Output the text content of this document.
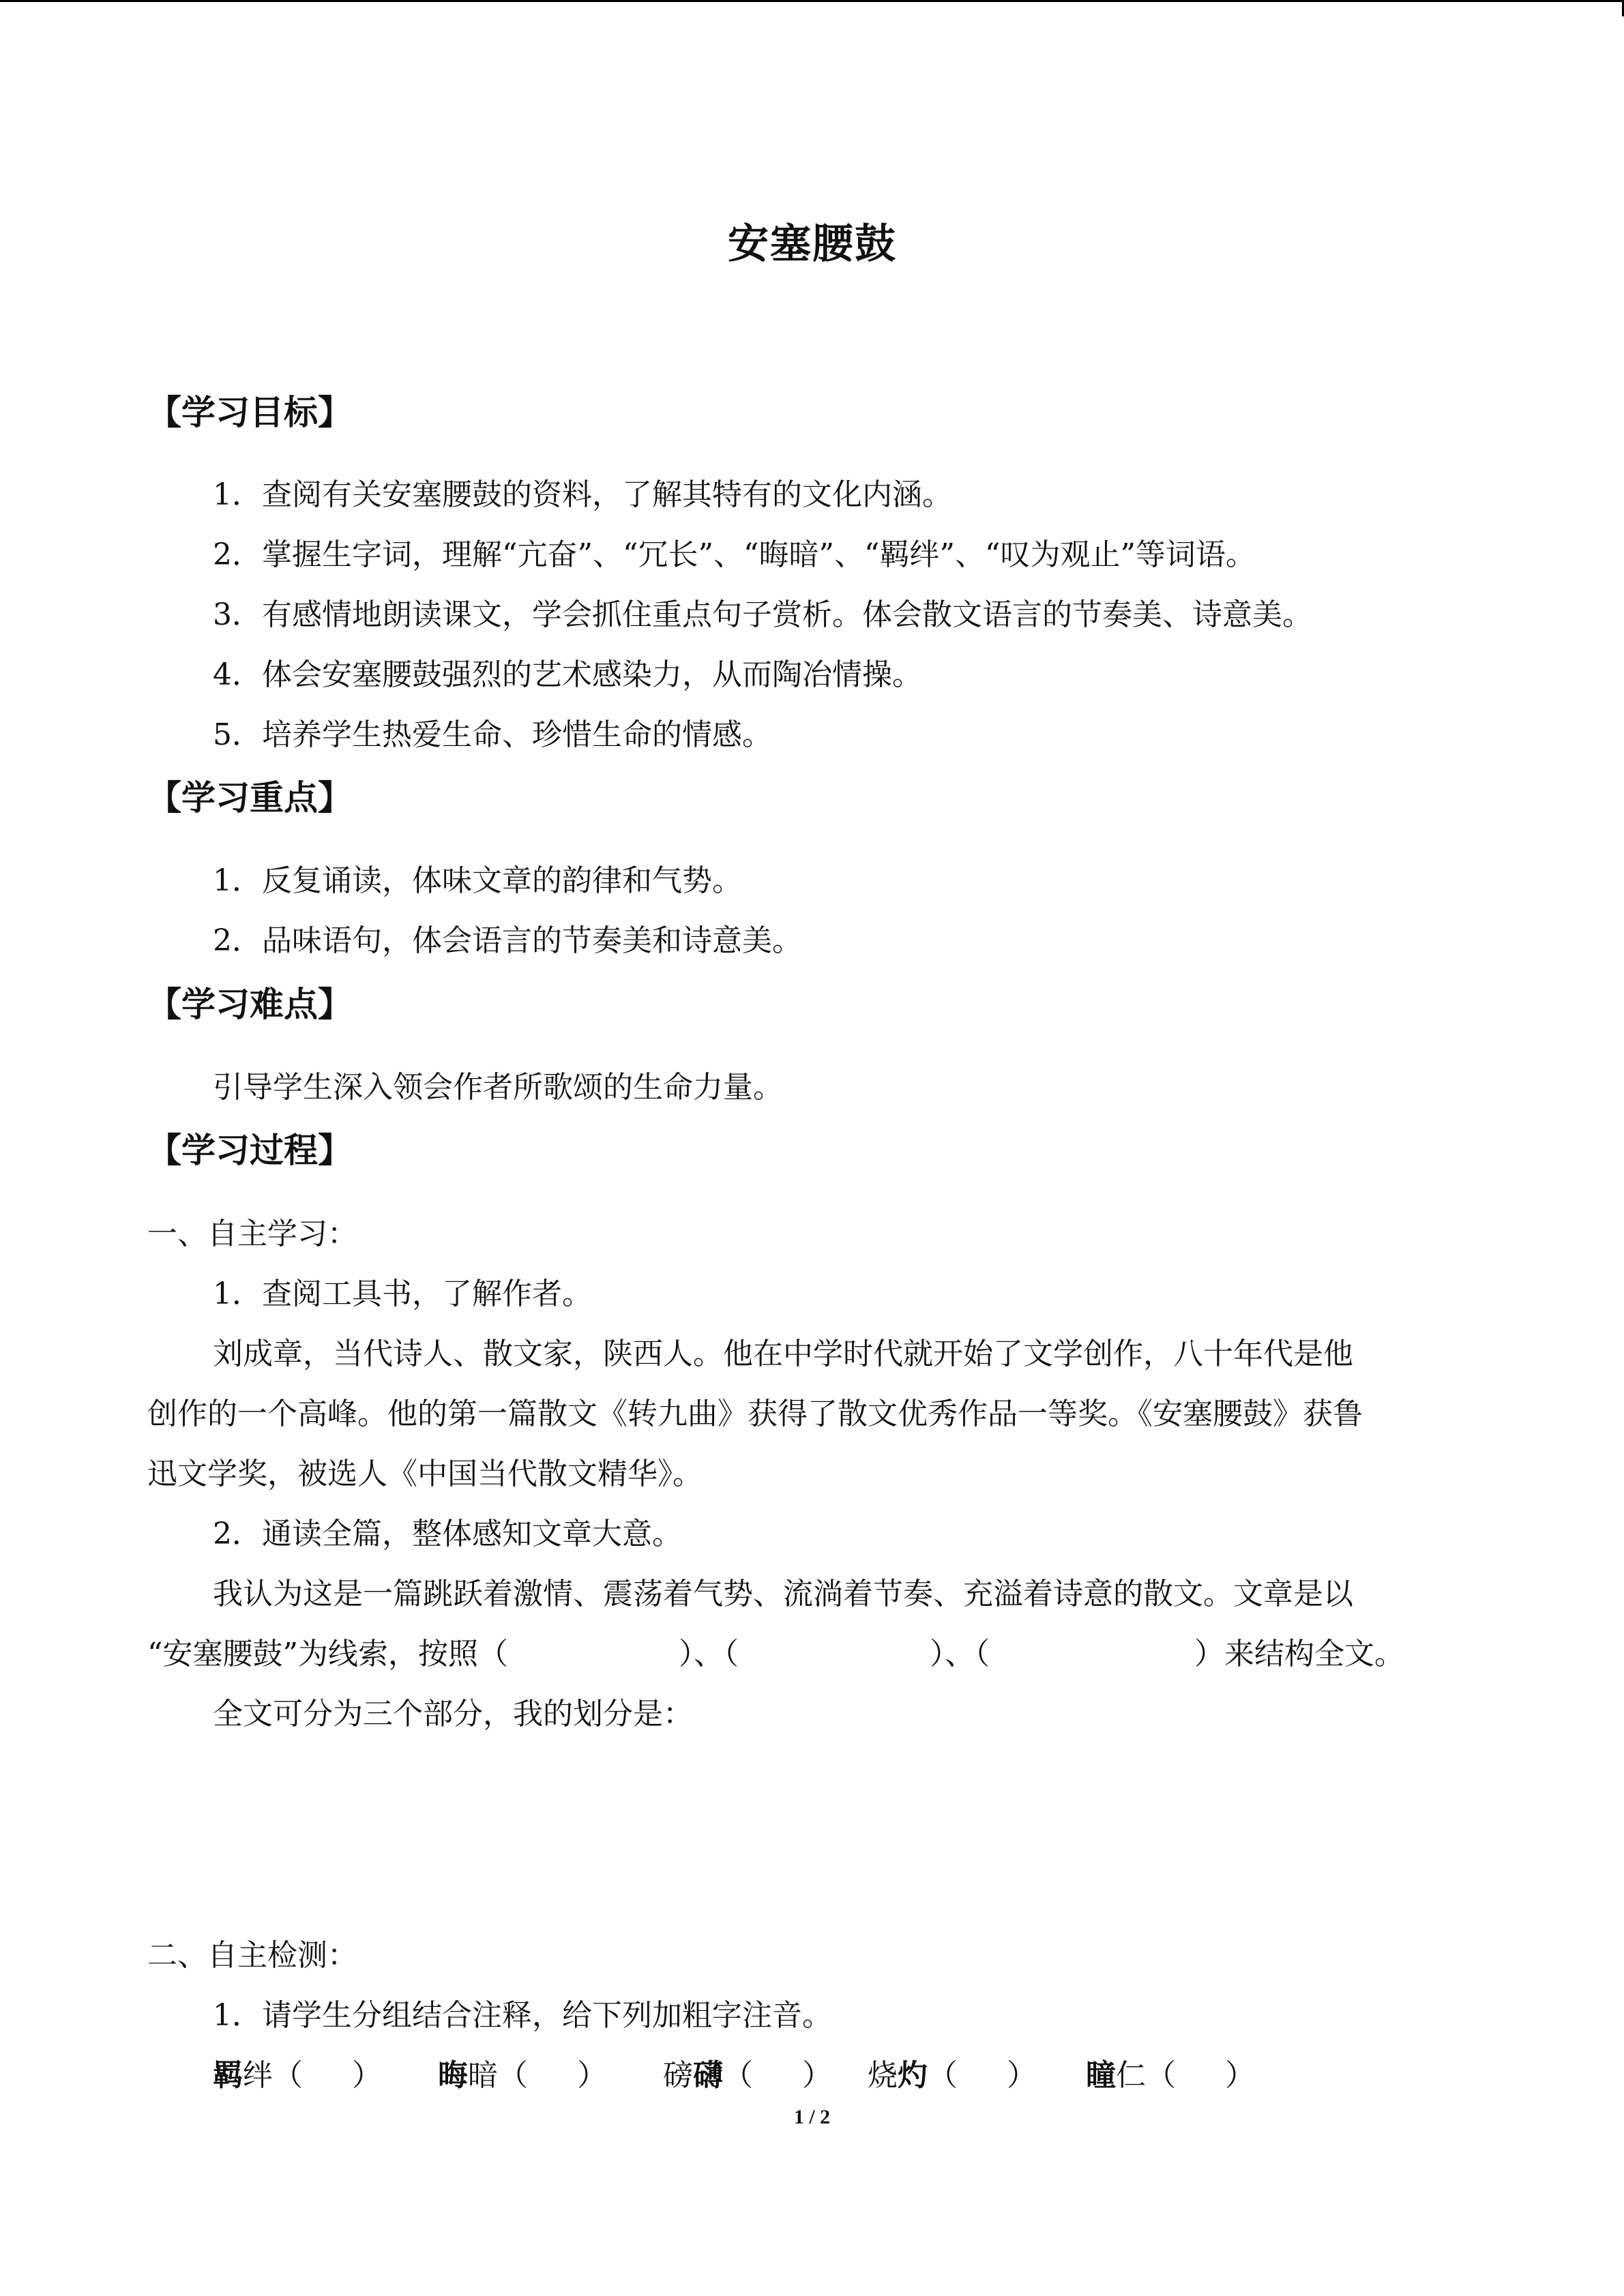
安塞腰鼓
【学习目标】
1．查阅有关安塞腰鼓的资料，了解其特有的文化内涵。
2．掌握生字词，理解“亢奋”、“冗长”、“晦暗”、“羁绊”、“叹为观止”等词语。
3．有感情地朗读课文，学会抓住重点句子赏析。体会散文语言的节奏美、诗意美。
4．体会安塞腰鼓强烈的艺术感染力，从而陶冶情操。
5．培养学生热爱生命、珍惜生命的情感。
【学习重点】
1．反复诵读，体味文章的韵律和气势。
2．品味语句，体会语言的节奏美和诗意美。
【学习难点】
引导学生深入领会作者所歌颂的生命力量。
【学习过程】
一、自主学习：
1．查阅工具书，了解作者。
刘成章，当代诗人、散文家，陕西人。他在中学时代就开始了文学创作，八十年代是他
创作的一个高峰。他的第一篇散文《转九曲》获得了散文优秀作品一等奖。《安塞腰鼓》获鲁
迅文学奖，被选人《中国当代散文精华》。
2．通读全篇，整体感知文章大意。
我认为这是一篇跳跃着激情、震荡着气势、流淌着节奏、充溢着诗意的散文。文章是以
“安塞腰鼓”为线索，按照（	）、（	）、（	）来结构全文。
全文可分为三个部分，我的划分是：
二、自主检测：
1．请学生分组结合注释，给下列加粗字注音。
羁绊（ ） 晦暗（ ） 磅礴（ ） 烧灼（ ） 瞳仁（ ）
1 / 2
